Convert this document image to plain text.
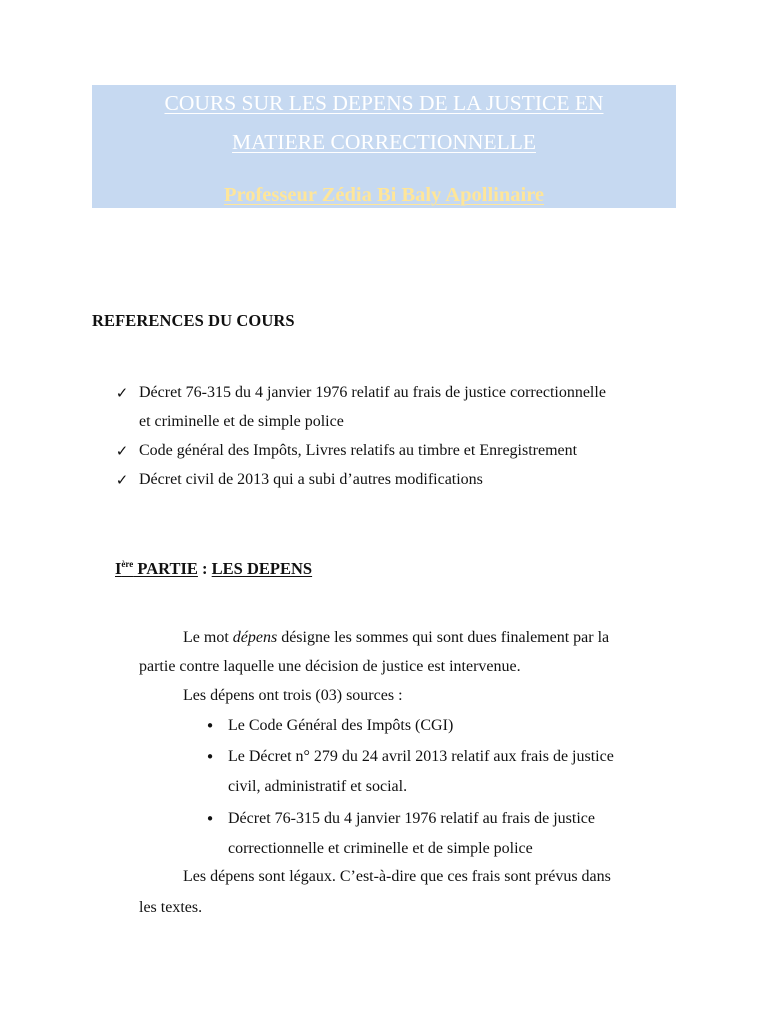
COURS SUR LES DEPENS DE LA JUSTICE EN
MATIERE CORRECTIONNELLE
Professeur Zédia Bi Baly Apollinaire
REFERENCES DU COURS
✓ Décret 76-315 du 4 janvier 1976 relatif au frais de justice correctionnelle
et criminelle et de simple police
✓ Code général des Impôts, Livres relatifs au timbre et Enregistrement
✓ Décret civil de 2013 qui a subi d’autres modifications
Ière PARTIE : LES DEPENS
Le mot dépens désigne les sommes qui sont dues finalement par la
partie contre laquelle une décision de justice est intervenue.
Les dépens ont trois (03) sources :
• Le Code Général des Impôts (CGI)
• Le Décret n° 279 du 24 avril 2013 relatif aux frais de justice
civil, administratif et social.
• Décret 76-315 du 4 janvier 1976 relatif au frais de justice
correctionnelle et criminelle et de simple police
Les dépens sont légaux. C’est-à-dire que ces frais sont prévus dans
les textes.
